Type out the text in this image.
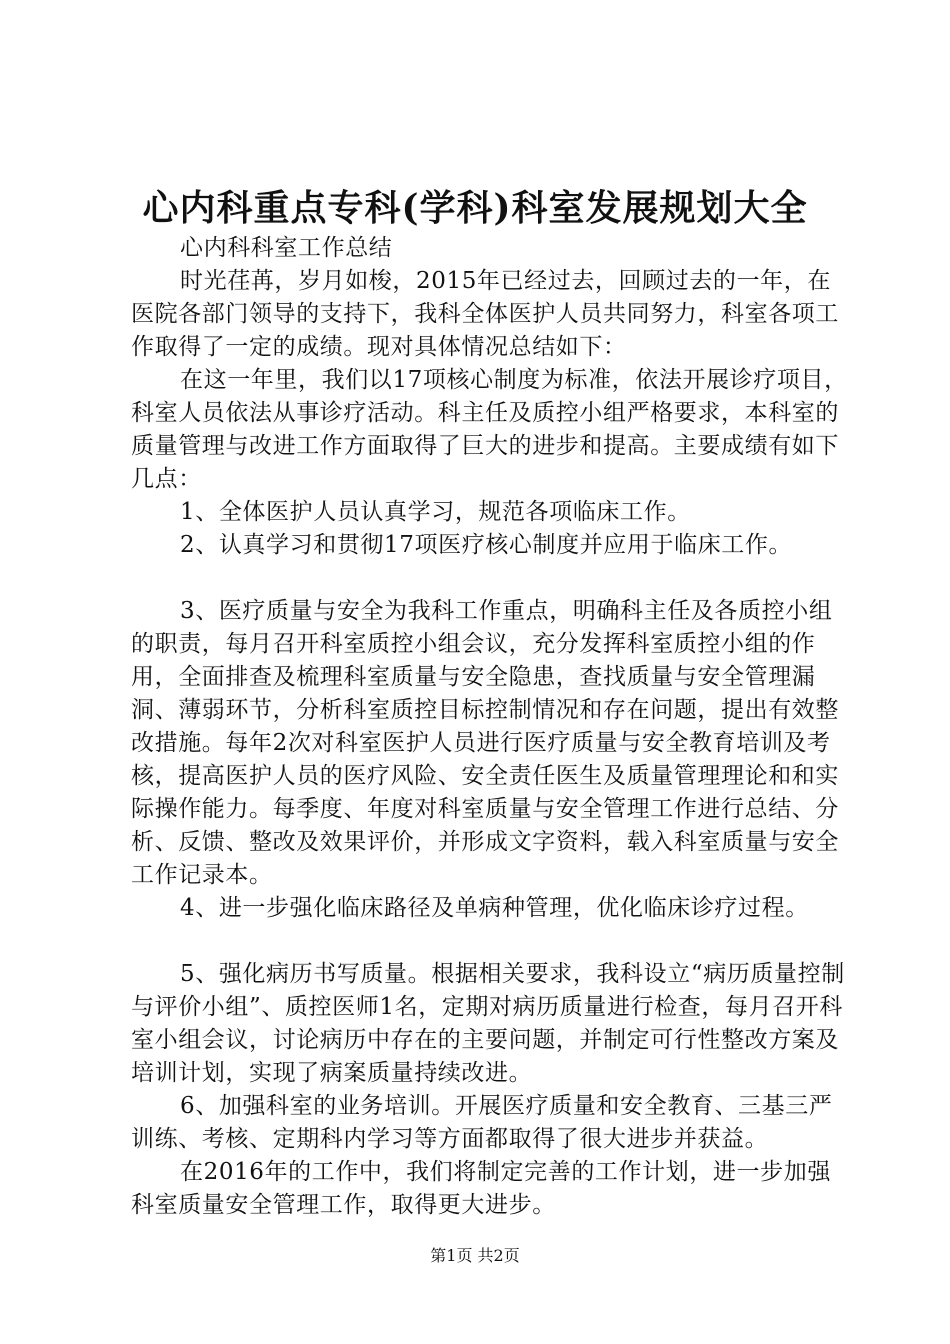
心内科重点专科(学科)科室发展规划大全

心内科科室工作总结

时光荏苒，岁月如梭，2015年已经过去，回顾过去的一年，在医院各部门领导的支持下，我科全体医护人员共同努力，科室各项工作取得了一定的成绩。现对具体情况总结如下：

在这一年里，我们以17项核心制度为标准，依法开展诊疗项目，科室人员依法从事诊疗活动。科主任及质控小组严格要求，本科室的质量管理与改进工作方面取得了巨大的进步和提高。主要成绩有如下几点：

1、全体医护人员认真学习，规范各项临床工作。

2、认真学习和贯彻17项医疗核心制度并应用于临床工作。

3、医疗质量与安全为我科工作重点，明确科主任及各质控小组的职责，每月召开科室质控小组会议，充分发挥科室质控小组的作用，全面排查及梳理科室质量与安全隐患，查找质量与安全管理漏洞、薄弱环节，分析科室质控目标控制情况和存在问题，提出有效整改措施。每年2次对科室医护人员进行医疗质量与安全教育培训及考核，提高医护人员的医疗风险、安全责任医生及质量管理理论和和实际操作能力。每季度、年度对科室质量与安全管理工作进行总结、分析、反馈、整改及效果评价，并形成文字资料，载入科室质量与安全工作记录本。

4、进一步强化临床路径及单病种管理，优化临床诊疗过程。

5、强化病历书写质量。根据相关要求，我科设立“病历质量控制与评价小组”、质控医师1名，定期对病历质量进行检查，每月召开科室小组会议，讨论病历中存在的主要问题，并制定可行性整改方案及培训计划，实现了病案质量持续改进。

6、加强科室的业务培训。开展医疗质量和安全教育、三基三严训练、考核、定期科内学习等方面都取得了很大进步并获益。

在2016年的工作中，我们将制定完善的工作计划，进一步加强科室质量安全管理工作，取得更大进步。

第1页 共2页
